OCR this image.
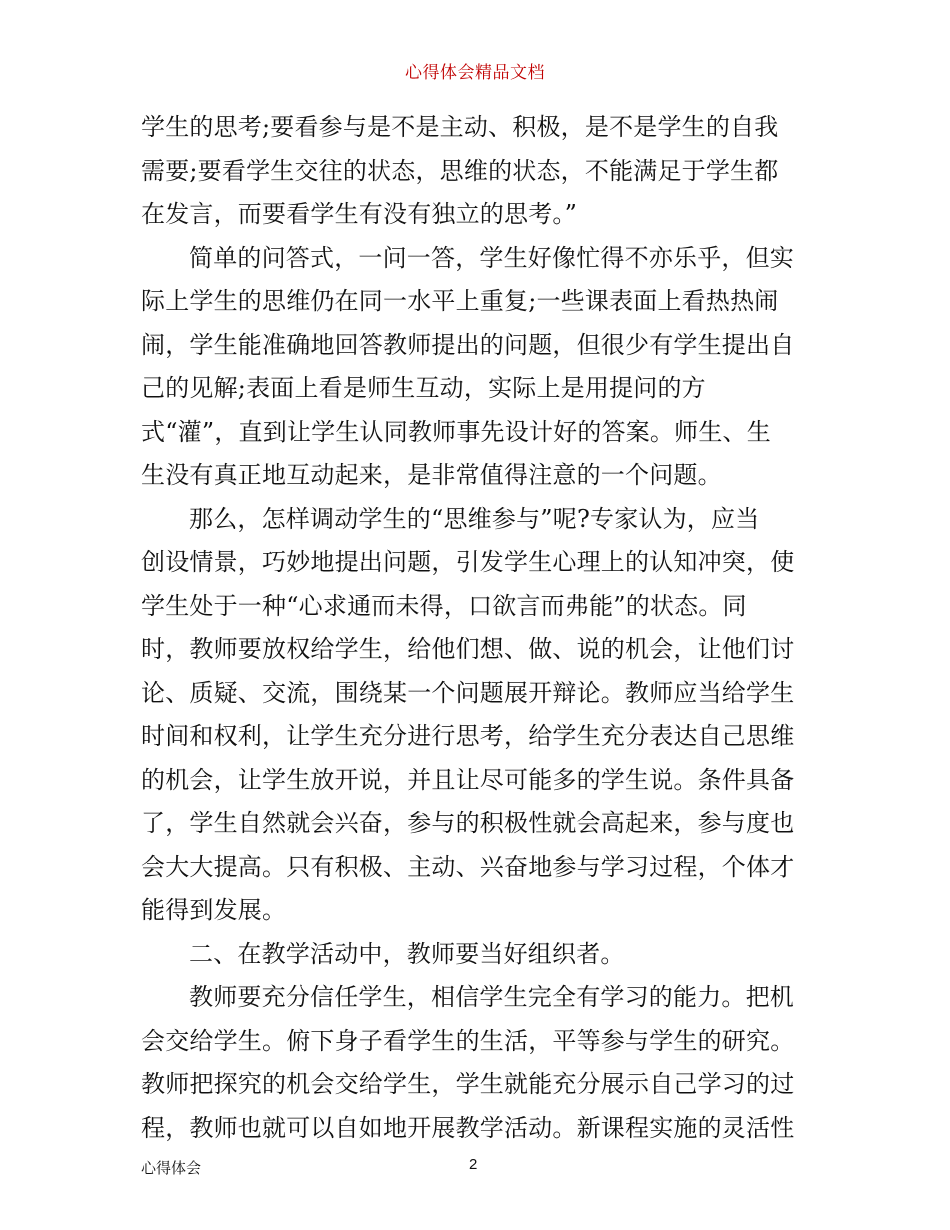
心得体会精品文档
学生的思考;要看参与是不是主动、积极，是不是学生的自我
需要;要看学生交往的状态，思维的状态，不能满足于学生都
在发言，而要看学生有没有独立的思考。”
简单的问答式，一问一答，学生好像忙得不亦乐乎，但实
际上学生的思维仍在同一水平上重复;一些课表面上看热热闹
闹，学生能准确地回答教师提出的问题，但很少有学生提出自
己的见解;表面上看是师生互动，实际上是用提问的方
式“灌”，直到让学生认同教师事先设计好的答案。师生、生
生没有真正地互动起来，是非常值得注意的一个问题。
那么，怎样调动学生的“思维参与”呢?专家认为，应当
创设情景，巧妙地提出问题，引发学生心理上的认知冲突，使
学生处于一种“心求通而未得，口欲言而弗能”的状态。同
时，教师要放权给学生，给他们想、做、说的机会，让他们讨
论、质疑、交流，围绕某一个问题展开辩论。教师应当给学生
时间和权利，让学生充分进行思考，给学生充分表达自己思维
的机会，让学生放开说，并且让尽可能多的学生说。条件具备
了，学生自然就会兴奋，参与的积极性就会高起来，参与度也
会大大提高。只有积极、主动、兴奋地参与学习过程，个体才
能得到发展。
二、在教学活动中，教师要当好组织者。
教师要充分信任学生，相信学生完全有学习的能力。把机
会交给学生。俯下身子看学生的生活，平等参与学生的研究。
教师把探究的机会交给学生，学生就能充分展示自己学习的过
程，教师也就可以自如地开展教学活动。新课程实施的灵活性
心得体会	2
